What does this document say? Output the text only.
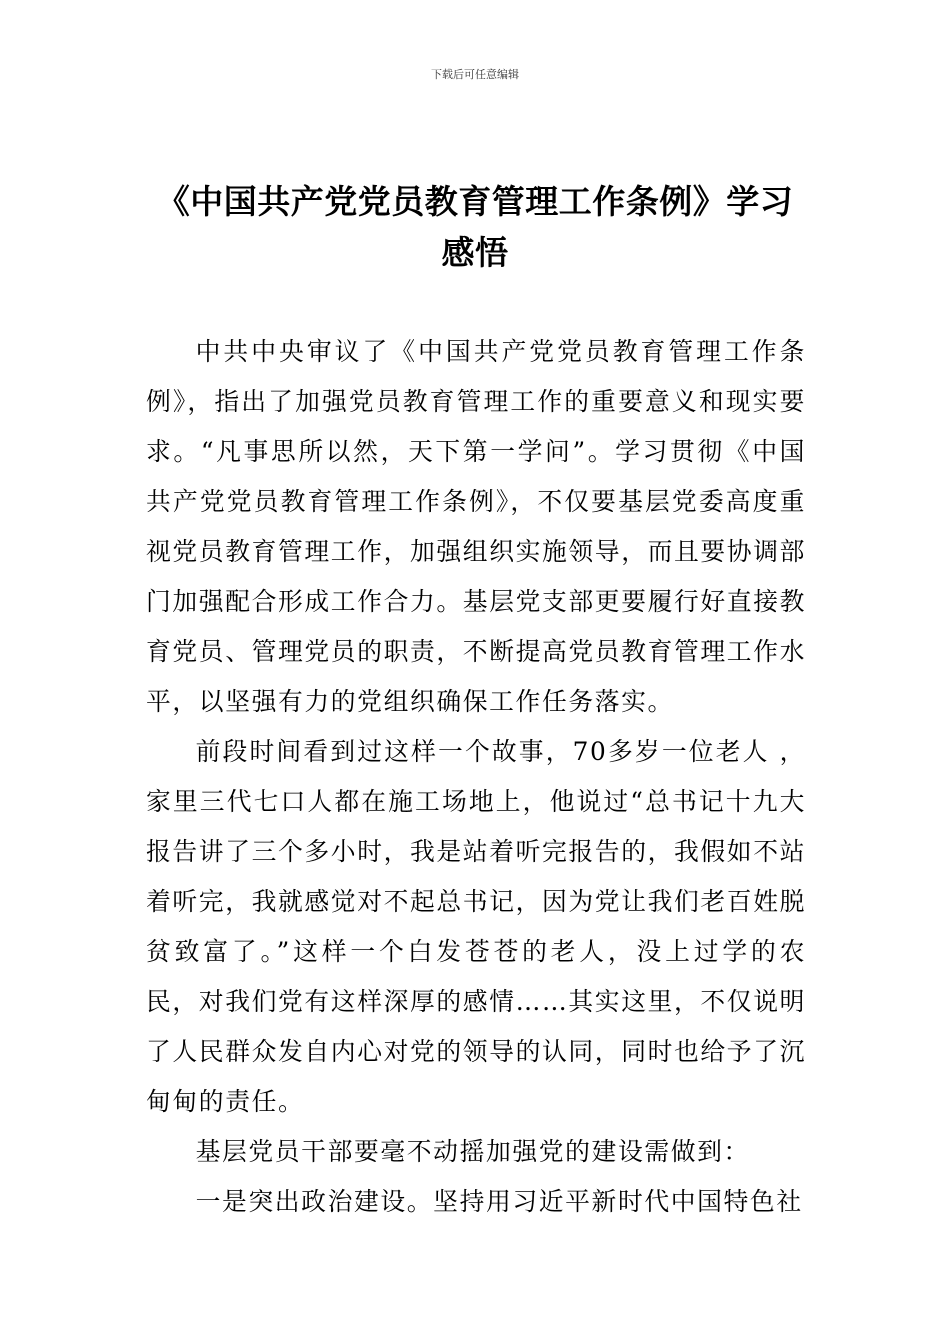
下载后可任意编辑
《中国共产党党员教育管理工作条例》学习感悟

中共中央审议了《中国共产党党员教育管理工作条例》，指出了加强党员教育管理工作的重要意义和现实要求。“凡事思所以然，天下第一学问”。学习贯彻《中国共产党党员教育管理工作条例》，不仅要基层党委高度重视党员教育管理工作，加强组织实施领导，而且要协调部门加强配合形成工作合力。基层党支部更要履行好直接教育党员、管理党员的职责，不断提高党员教育管理工作水平，以坚强有力的党组织确保工作任务落实。

前段时间看到过这样一个故事，70多岁一位老人 ，家里三代七口人都在施工场地上，他说过“总书记十九大报告讲了三个多小时，我是站着听完报告的，我假如不站着听完，我就感觉对不起总书记，因为党让我们老百姓脱贫致富了。”这样一个白发苍苍的老人，没上过学的农民，对我们党有这样深厚的感情……其实这里，不仅说明了人民群众发自内心对党的领导的认同，同时也给予了沉甸甸的责任。

基层党员干部要毫不动摇加强党的建设需做到：

一是突出政治建设。坚持用习近平新时代中国特色社
